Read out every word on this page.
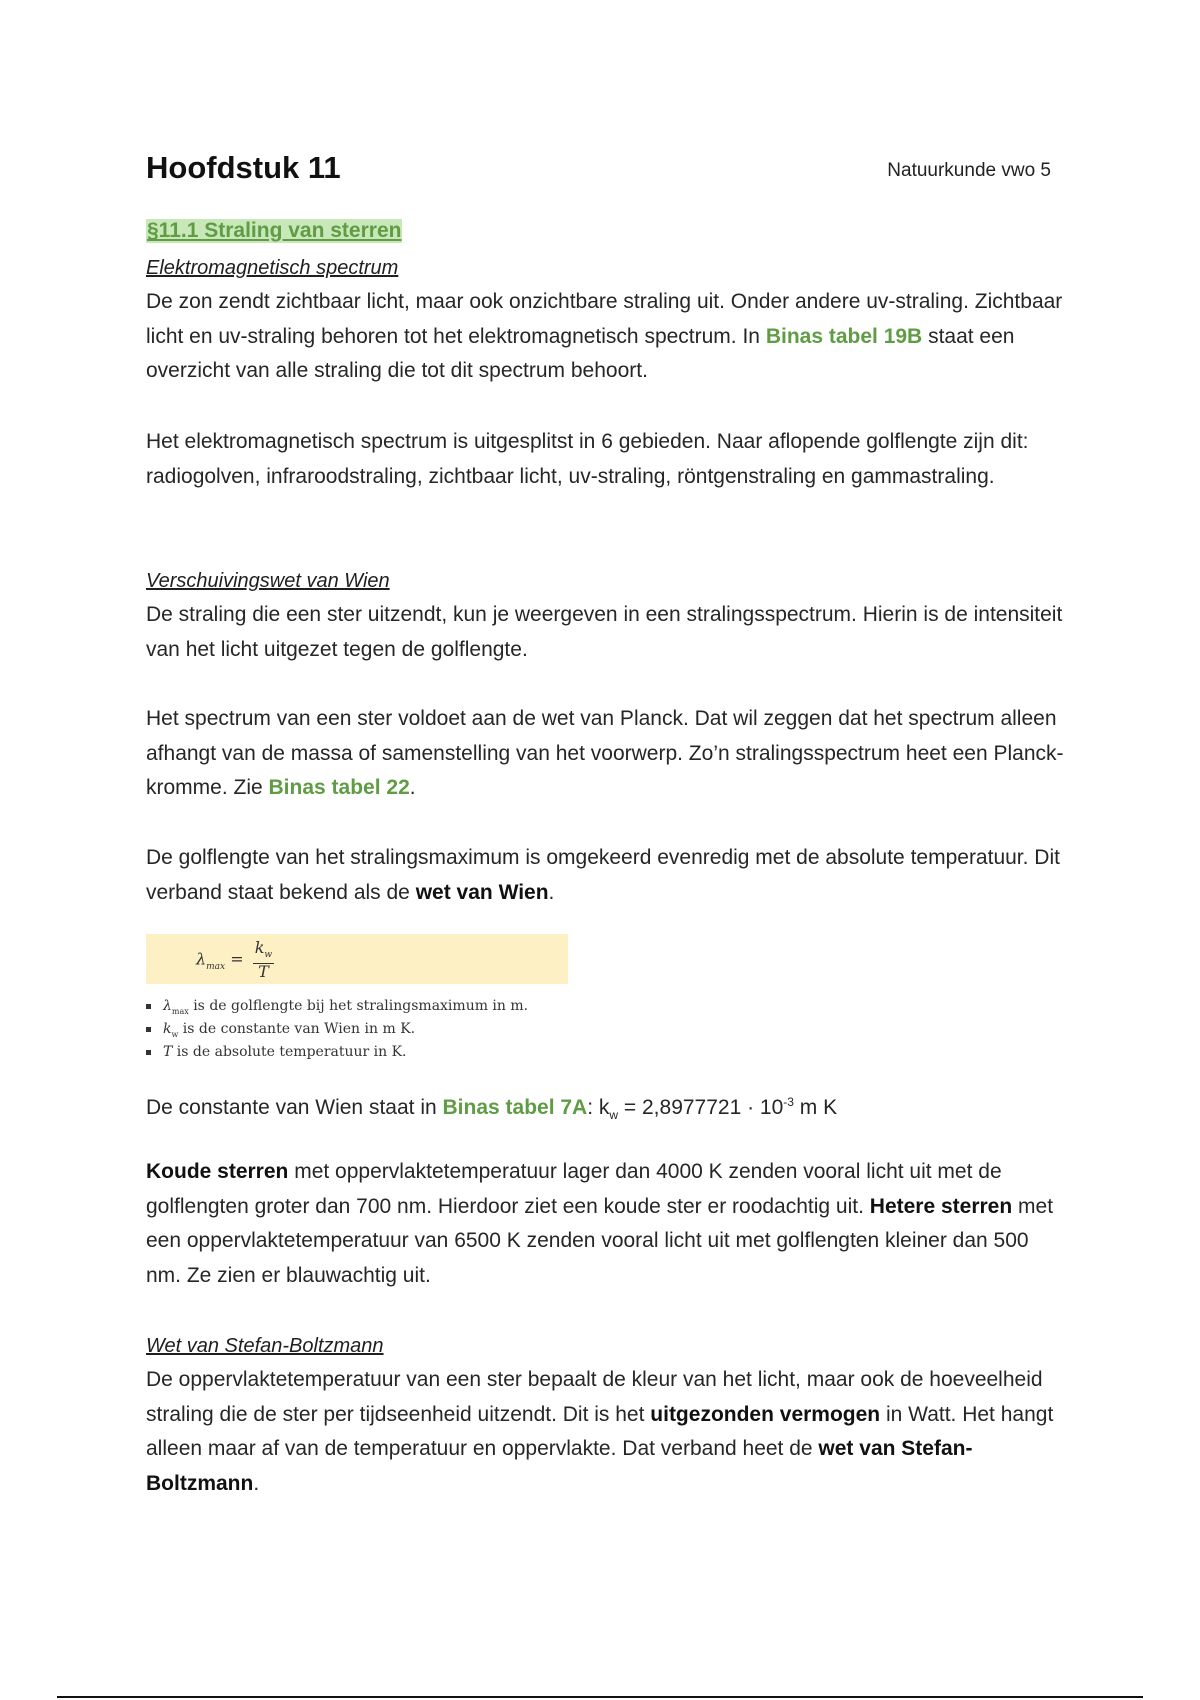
Hoofdstuk 11	Natuurkunde vwo 5
§11.1 Straling van sterren
Elektromagnetisch spectrum
De zon zendt zichtbaar licht, maar ook onzichtbare straling uit. Onder andere uv-straling. Zichtbaar licht en uv-straling behoren tot het elektromagnetisch spectrum. In Binas tabel 19B staat een overzicht van alle straling die tot dit spectrum behoort.
Het elektromagnetisch spectrum is uitgesplitst in 6 gebieden. Naar aflopende golflengte zijn dit: radiogolven, infraroodstraling, zichtbaar licht, uv-straling, röntgenstraling en gammastraling.
Verschuivingswet van Wien
De straling die een ster uitzendt, kun je weergeven in een stralingsspectrum. Hierin is de intensiteit van het licht uitgezet tegen de golflengte.
Het spectrum van een ster voldoet aan de wet van Planck. Dat wil zeggen dat het spectrum alleen afhangt van de massa of samenstelling van het voorwerp. Zo’n stralingsspectrum heet een Planck-kromme. Zie Binas tabel 22.
De golflengte van het stralingsmaximum is omgekeerd evenredig met de absolute temperatuur. Dit verband staat bekend als de wet van Wien.
$\lambda_{max} = \frac{k_w}{T}$
$\lambda_{max}$ is de golflengte bij het stralingsmaximum in m.
$k_w$ is de constante van Wien in m K.
T is de absolute temperatuur in K.
De constante van Wien staat in Binas tabel 7A: $k_w = 2,8977721 \cdot 10^{-3}$ m K
Koude sterren met oppervlaktetemperatuur lager dan 4000 K zenden vooral licht uit met de golflengten groter dan 700 nm. Hierdoor ziet een koude ster er roodachtig uit. Hetere sterren met een oppervlaktetemperatuur van 6500 K zenden vooral licht uit met golflengten kleiner dan 500 nm. Ze zien er blauwachtig uit.
Wet van Stefan-Boltzmann
De oppervlaktetemperatuur van een ster bepaalt de kleur van het licht, maar ook de hoeveelheid straling die de ster per tijdseenheid uitzendt. Dit is het uitgezonden vermogen in Watt. Het hangt alleen maar af van de temperatuur en oppervlakte. Dat verband heet de wet van Stefan-Boltzmann.
